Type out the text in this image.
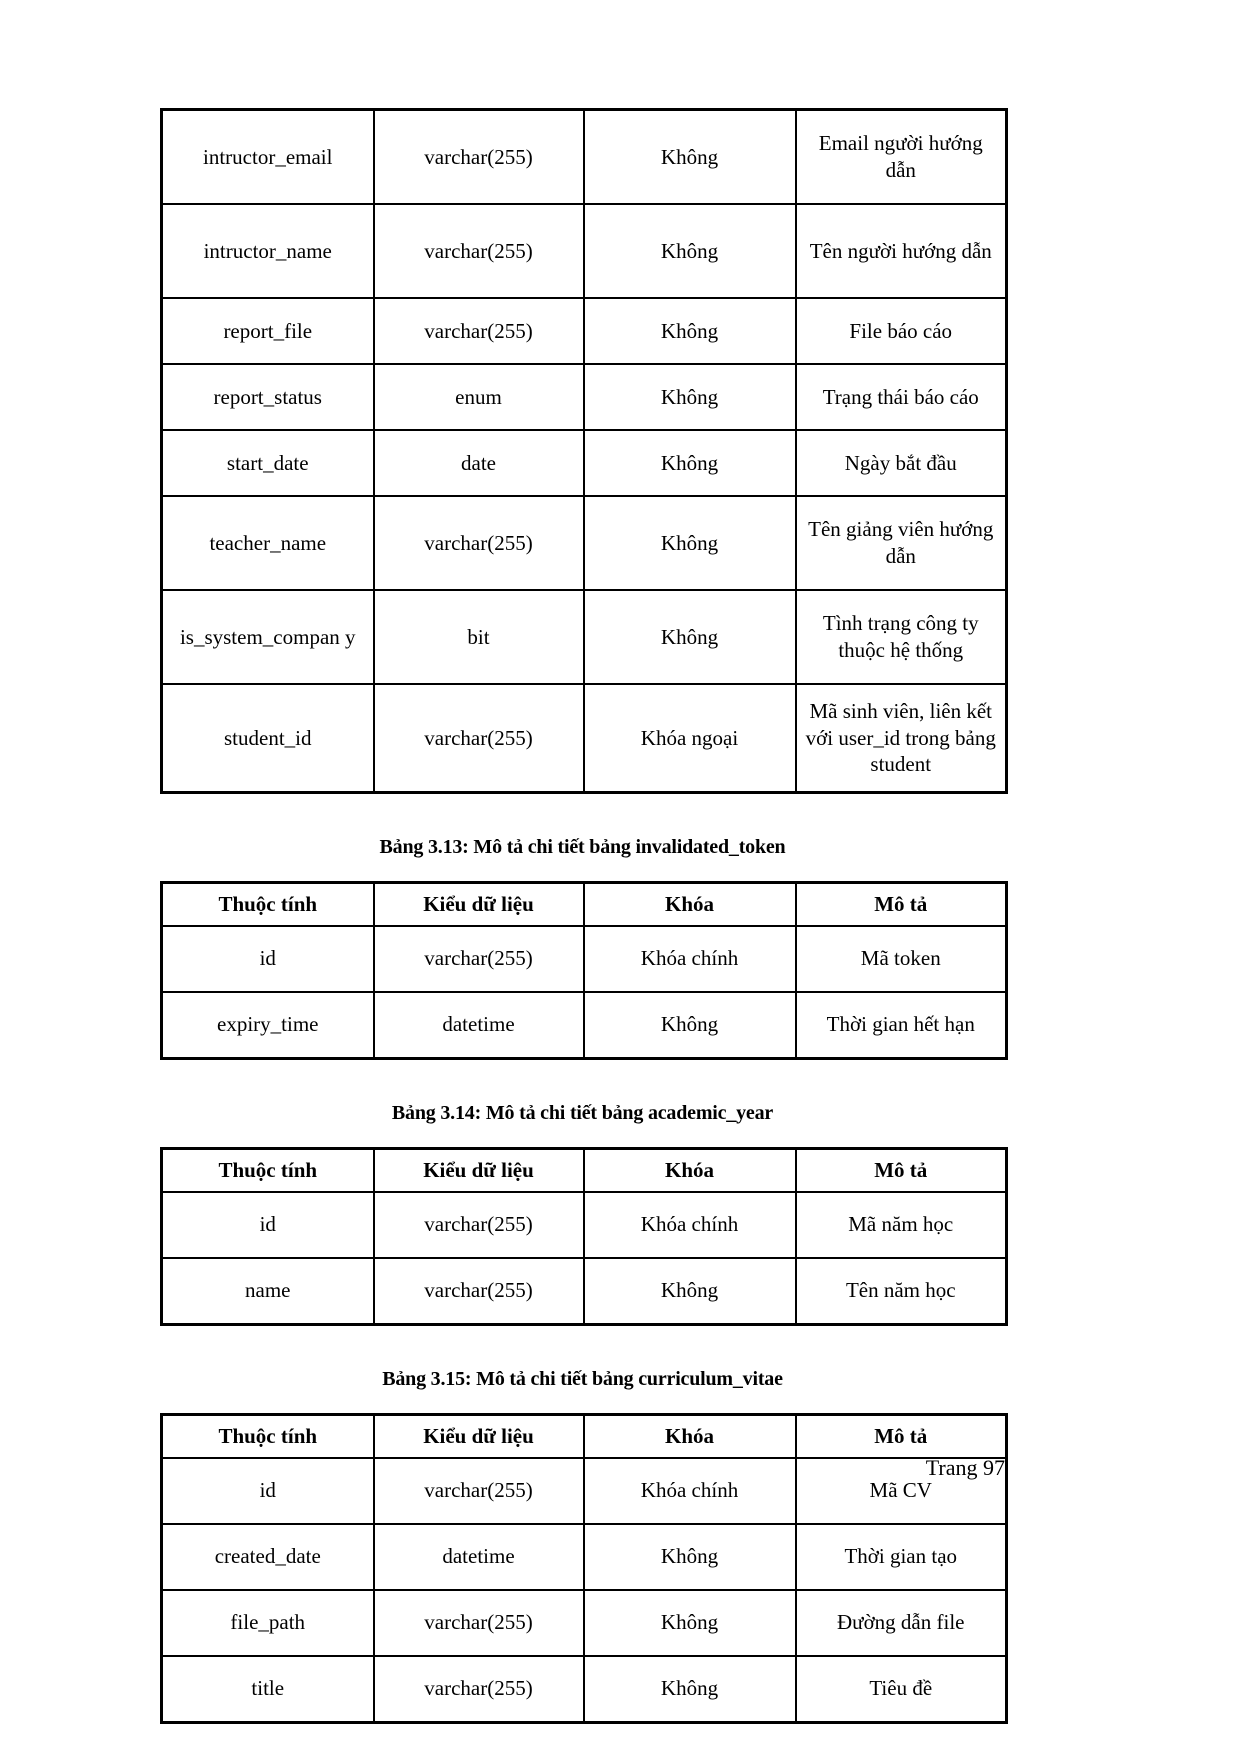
intructor_email	varchar(255)	Không	Email người hướng dẫn
intructor_name	varchar(255)	Không	Tên người hướng dẫn
report_file	varchar(255)	Không	File báo cáo
report_status	enum	Không	Trạng thái báo cáo
start_date	date	Không	Ngày bắt đầu
teacher_name	varchar(255)	Không	Tên giảng viên hướng dẫn
is_system_compan y	bit	Không	Tình trạng công ty thuộc hệ thống
student_id	varchar(255)	Khóa ngoại	Mã sinh viên, liên kết với user_id trong bảng student
Bảng 3.13: Mô tả chi tiết bảng invalidated_token
Thuộc tính	Kiểu dữ liệu	Khóa	Mô tả
id	varchar(255)	Khóa chính	Mã token
expiry_time	datetime	Không	Thời gian hết hạn
Bảng 3.14: Mô tả chi tiết bảng academic_year
Thuộc tính	Kiểu dữ liệu	Khóa	Mô tả
id	varchar(255)	Khóa chính	Mã năm học
name	varchar(255)	Không	Tên năm học
Bảng 3.15: Mô tả chi tiết bảng curriculum_vitae
Thuộc tính	Kiểu dữ liệu	Khóa	Mô tả
id	varchar(255)	Khóa chính	Mã CV
created_date	datetime	Không	Thời gian tạo
file_path	varchar(255)	Không	Đường dẫn file
title	varchar(255)	Không	Tiêu đề
Trang 97
